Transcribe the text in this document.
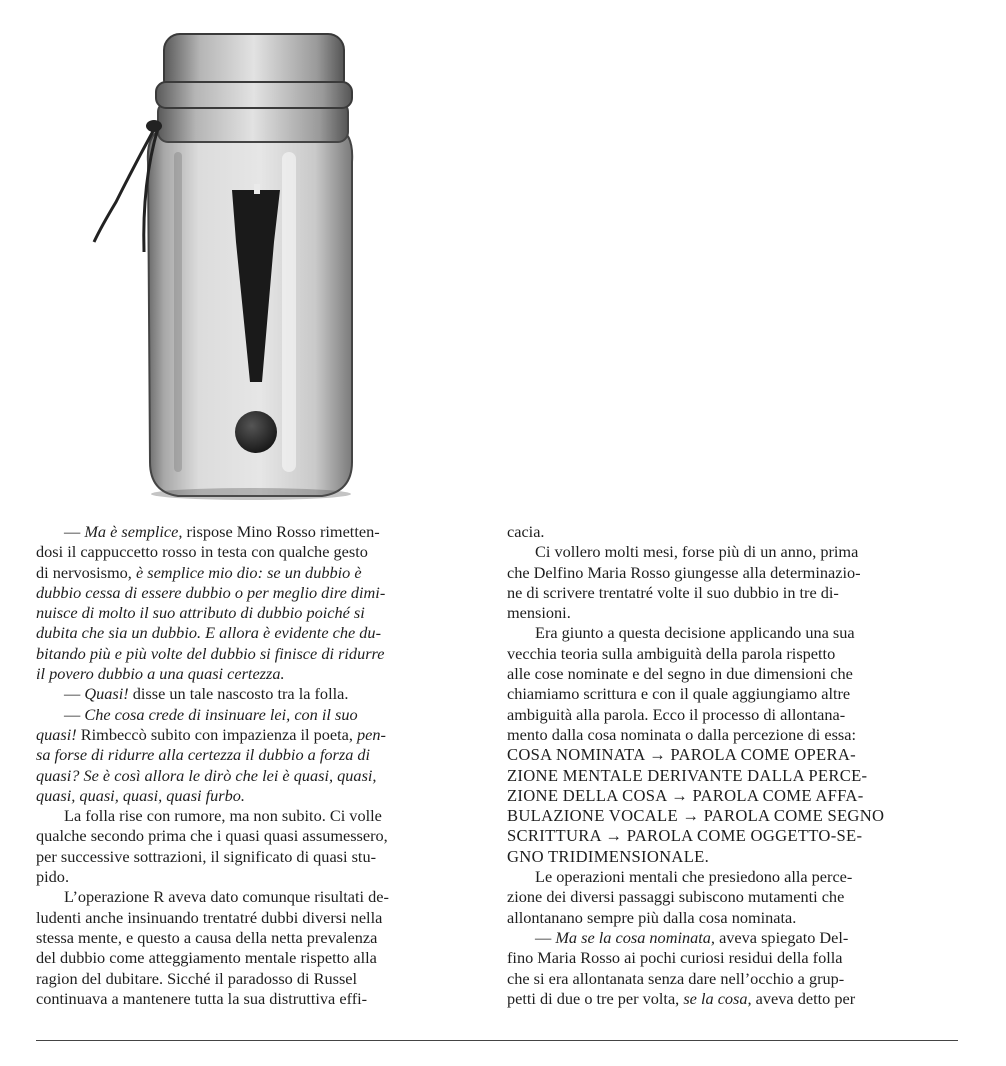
— Ma è semplice, rispose Mino Rosso rimetten-
dosi il cappuccetto rosso in testa con qualche gesto
di nervosismo, è semplice mio dio: se un dubbio è
dubbio cessa di essere dubbio o per meglio dire dimi-
nuisce di molto il suo attributo di dubbio poiché si
dubita che sia un dubbio. E allora è evidente che du-
bitando più e più volte del dubbio si finisce di ridurre
il povero dubbio a una quasi certezza.

— Quasi! disse un tale nascosto tra la folla.

— Che cosa crede di insinuare lei, con il suo
quasi! Rimbeccò subito con impazienza il poeta, pen-
sa forse di ridurre alla certezza il dubbio a forza di
quasi? Se è così allora le dirò che lei è quasi, quasi,
quasi, quasi, quasi, quasi furbo.

La folla rise con rumore, ma non subito. Ci volle
qualche secondo prima che i quasi quasi assumessero,
per successive sottrazioni, il significato di quasi stu-
pido.

L’operazione R aveva dato comunque risultati de-
ludenti anche insinuando trentatré dubbi diversi nella
stessa mente, e questo a causa della netta prevalenza
del dubbio come atteggiamento mentale rispetto alla
ragion del dubitare. Sicché il paradosso di Russel
continuava a mantenere tutta la sua distruttiva effi-

cacia.

Ci vollero molti mesi, forse più di un anno, prima
che Delfino Maria Rosso giungesse alla determinazio-
ne di scrivere trentatré volte il suo dubbio in tre di-
mensioni.

Era giunto a questa decisione applicando una sua
vecchia teoria sulla ambiguità della parola rispetto
alle cose nominate e del segno in due dimensioni che
chiamiamo scrittura e con il quale aggiungiamo altre
ambiguità alla parola. Ecco il processo di allontana-
mento dalla cosa nominata o dalla percezione di essa:
COSA NOMINATA → PAROLA COME OPERA-
ZIONE MENTALE DERIVANTE DALLA PERCE-
ZIONE DELLA COSA → PAROLA COME AFFA-
BULAZIONE VOCALE → PAROLA COME SEGNO
SCRITTURA → PAROLA COME OGGETTO-SE-
GNO TRIDIMENSIONALE.

Le operazioni mentali che presiedono alla perce-
zione dei diversi passaggi subiscono mutamenti che
allontanano sempre più dalla cosa nominata.

— Ma se la cosa nominata, aveva spiegato Del-
fino Maria Rosso ai pochi curiosi residui della folla
che si era allontanata senza dare nell’occhio a grup-
petti di due o tre per volta, se la cosa, aveva detto per
